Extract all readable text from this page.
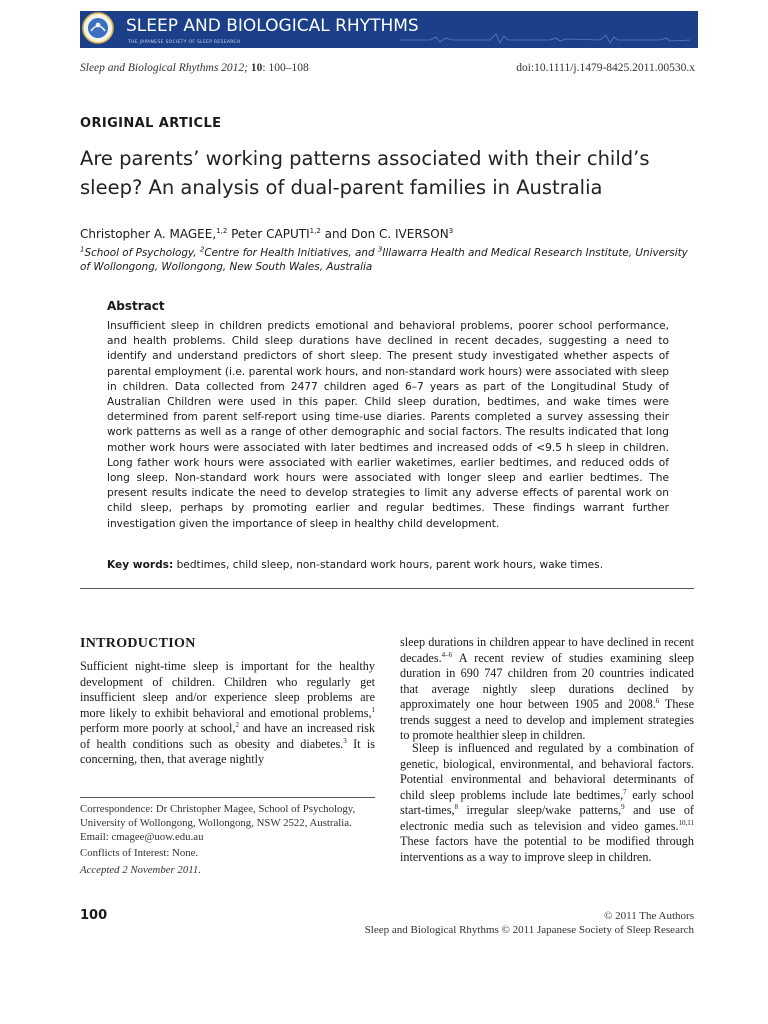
SLEEP AND BIOLOGICAL RHYTHMS
THE JAPANESE SOCIETY OF SLEEP RESEARCH
Sleep and Biological Rhythms 2012; 10: 100–108	doi:10.1111/j.1479-8425.2011.00530.x
ORIGINAL ARTICLE
Are parents’ working patterns associated with their child’s sleep? An analysis of dual-parent families in Australia
Christopher A. MAGEE,$^{1,2}$ Peter CAPUTI$^{1,2}$ and Don C. IVERSON$^3$
$^1$School of Psychology, $^2$Centre for Health Initiatives, and $^3$Illawarra Health and Medical Research Institute, University of Wollongong, Wollongong, New South Wales, Australia
Abstract
Insufficient sleep in children predicts emotional and behavioral problems, poorer school performance, and health problems. Child sleep durations have declined in recent decades, suggesting a need to identify and understand predictors of short sleep. The present study investigated whether aspects of parental employment (i.e. parental work hours, and non-standard work hours) were associated with sleep in children. Data collected from 2477 children aged 6–7 years as part of the Longitudinal Study of Australian Children were used in this paper. Child sleep duration, bedtimes, and wake times were determined from parent self-report using time-use diaries. Parents completed a survey assessing their work patterns as well as a range of other demographic and social factors. The results indicated that long mother work hours were associated with later bedtimes and increased odds of <9.5 h sleep in children. Long father work hours were associated with earlier waketimes, earlier bedtimes, and reduced odds of long sleep. Non-standard work hours were associated with longer sleep and earlier bedtimes. The present results indicate the need to develop strategies to limit any adverse effects of parental work on child sleep, perhaps by promoting earlier and regular bedtimes. These findings warrant further investigation given the importance of sleep in healthy child development.
Key words: bedtimes, child sleep, non-standard work hours, parent work hours, wake times.
INTRODUCTION
Sufficient night-time sleep is important for the healthy development of children. Children who regularly get insufficient sleep and/or experience sleep problems are more likely to exhibit behavioral and emotional problems,$^1$ perform more poorly at school,$^2$ and have an increased risk of health conditions such as obesity and diabetes.$^3$ It is concerning, then, that average nightly
Correspondence: Dr Christopher Magee, School of Psychology, University of Wollongong, Wollongong, NSW 2522, Australia. Email: cmagee@uow.edu.au
Conflicts of Interest: None.
Accepted 2 November 2011.
sleep durations in children appear to have declined in recent decades.$^{4-6}$ A recent review of studies examining sleep duration in 690 747 children from 20 countries indicated that average nightly sleep durations declined by approximately one hour between 1905 and 2008.$^6$ These trends suggest a need to develop and implement strategies to promote healthier sleep in children.
Sleep is influenced and regulated by a combination of genetic, biological, environmental, and behavioral factors. Potential environmental and behavioral determinants of child sleep problems include late bedtimes,$^7$ early school start-times,$^8$ irregular sleep/wake patterns,$^9$ and use of electronic media such as television and video games.$^{10,11}$ These factors have the potential to be modified through interventions as a way to improve sleep in children.
100	© 2011 The Authors
Sleep and Biological Rhythms © 2011 Japanese Society of Sleep Research
